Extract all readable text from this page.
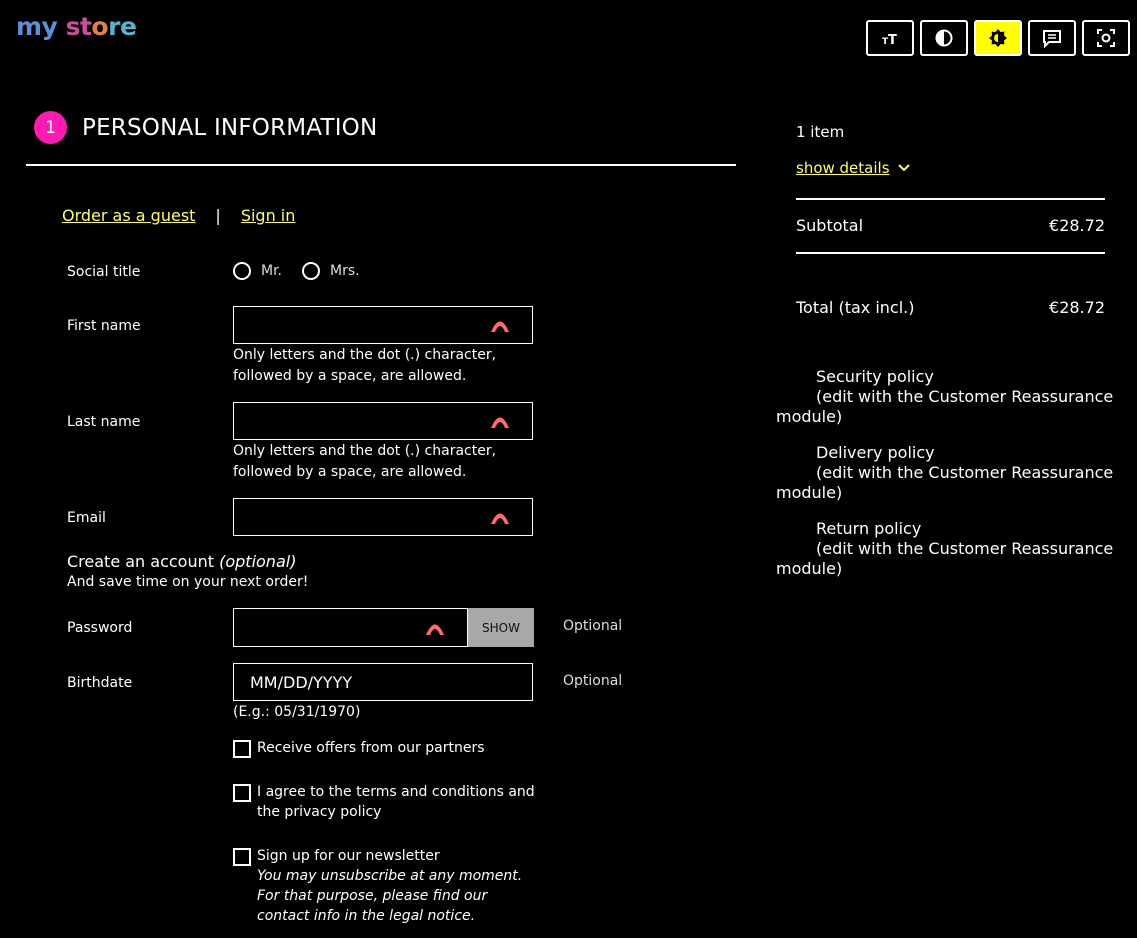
my store
T T
1	PERSONAL INFORMATION
Order as a guest | Sign in
Social title	Mr.	Mrs.
First name
Only letters and the dot (.) character,
followed by a space, are allowed.
Last name
Only letters and the dot (.) character,
followed by a space, are allowed.
Email
Create an account (optional)
And save time on your next order!
Password	SHOW	Optional
Birthdate	MM/DD/YYYY	Optional
(E.g.: 05/31/1970)
Receive offers from our partners
I agree to the terms and conditions and
the privacy policy
Sign up for our newsletter
You may unsubscribe at any moment.
For that purpose, please find our
contact info in the legal notice.
1 item
show details
Subtotal	€28.72
Total (tax incl.)	€28.72
Security policy
(edit with the Customer Reassurance
module)
Delivery policy
(edit with the Customer Reassurance
module)
Return policy
(edit with the Customer Reassurance
module)
